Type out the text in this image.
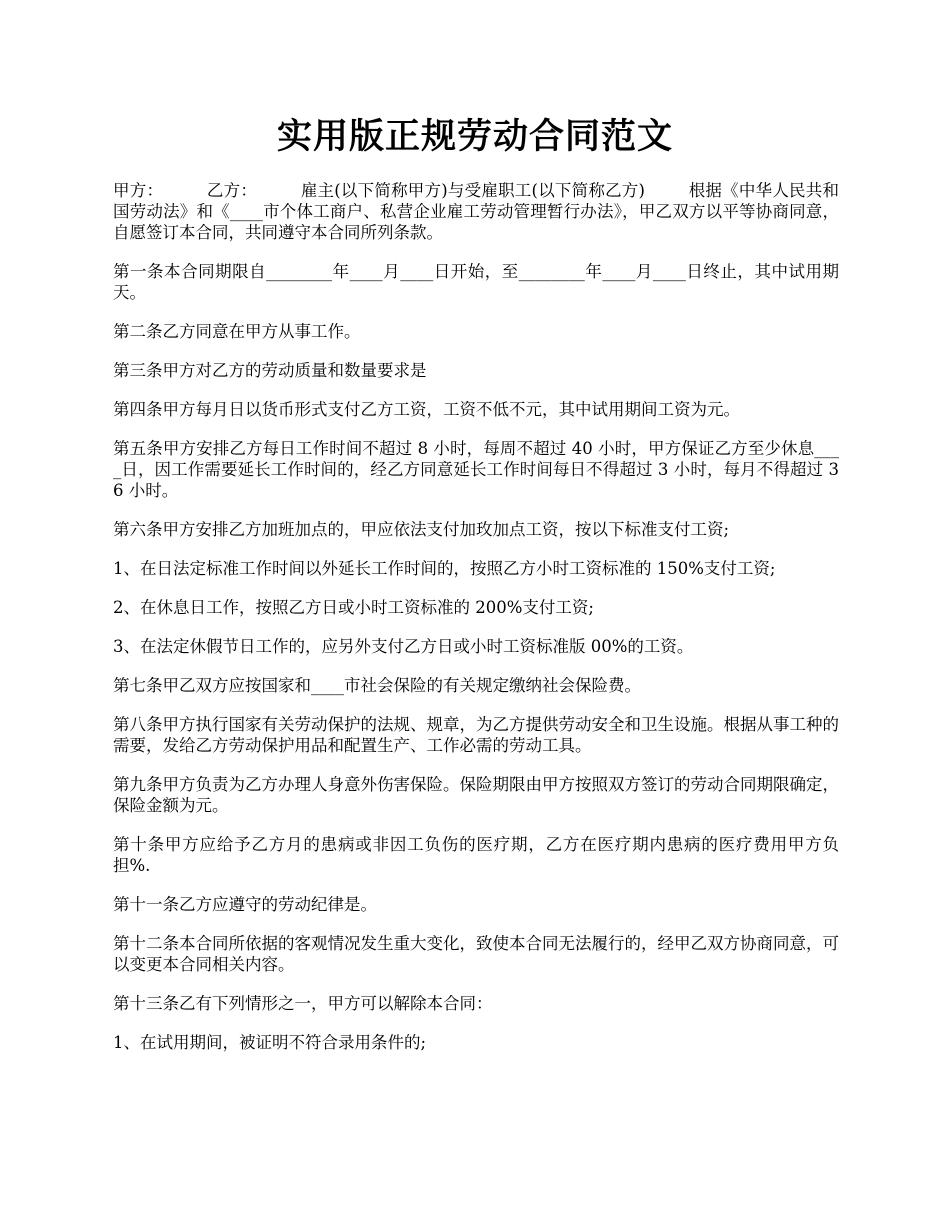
实用版正规劳动合同范文

甲方：        乙方：        雇主(以下简称甲方)与受雇职工(以下简称乙方)        根据《中华人民共和国劳动法》和《____市个体工商户、私营企业雇工劳动管理暂行办法》，甲乙双方以平等协商同意，自愿签订本合同，共同遵守本合同所列条款。

第一条本合同期限自________年____月____日开始，至________年____月____日终止，其中试用期天。

第二条乙方同意在甲方从事工作。

第三条甲方对乙方的劳动质量和数量要求是

第四条甲方每月日以货币形式支付乙方工资，工资不低不元，其中试用期间工资为元。

第五条甲方安排乙方每日工作时间不超过 8 小时，每周不超过 40 小时，甲方保证乙方至少休息____日，因工作需要延长工作时间的，经乙方同意延长工作时间每日不得超过 3 小时，每月不得超过 36 小时。

第六条甲方安排乙方加班加点的，甲应依法支付加玫加点工资，按以下标准支付工资;

1、在日法定标准工作时间以外延长工作时间的，按照乙方小时工资标准的 150%支付工资;

2、在休息日工作，按照乙方日或小时工资标准的 200%支付工资;

3、在法定休假节日工作的，应另外支付乙方日或小时工资标准版 00%的工资。

第七条甲乙双方应按国家和____市社会保险的有关规定缴纳社会保险费。

第八条甲方执行国家有关劳动保护的法规、规章，为乙方提供劳动安全和卫生设施。根据从事工种的需要，发给乙方劳动保护用品和配置生产、工作必需的劳动工具。

第九条甲方负责为乙方办理人身意外伤害保险。保险期限由甲方按照双方签订的劳动合同期限确定，保险金额为元。

第十条甲方应给予乙方月的患病或非因工负伤的医疗期，乙方在医疗期内患病的医疗费用甲方负担%.

第十一条乙方应遵守的劳动纪律是。

第十二条本合同所依据的客观情况发生重大变化，致使本合同无法履行的，经甲乙双方协商同意，可以变更本合同相关内容。

第十三条乙有下列情形之一，甲方可以解除本合同：

1、在试用期间，被证明不符合录用条件的;
